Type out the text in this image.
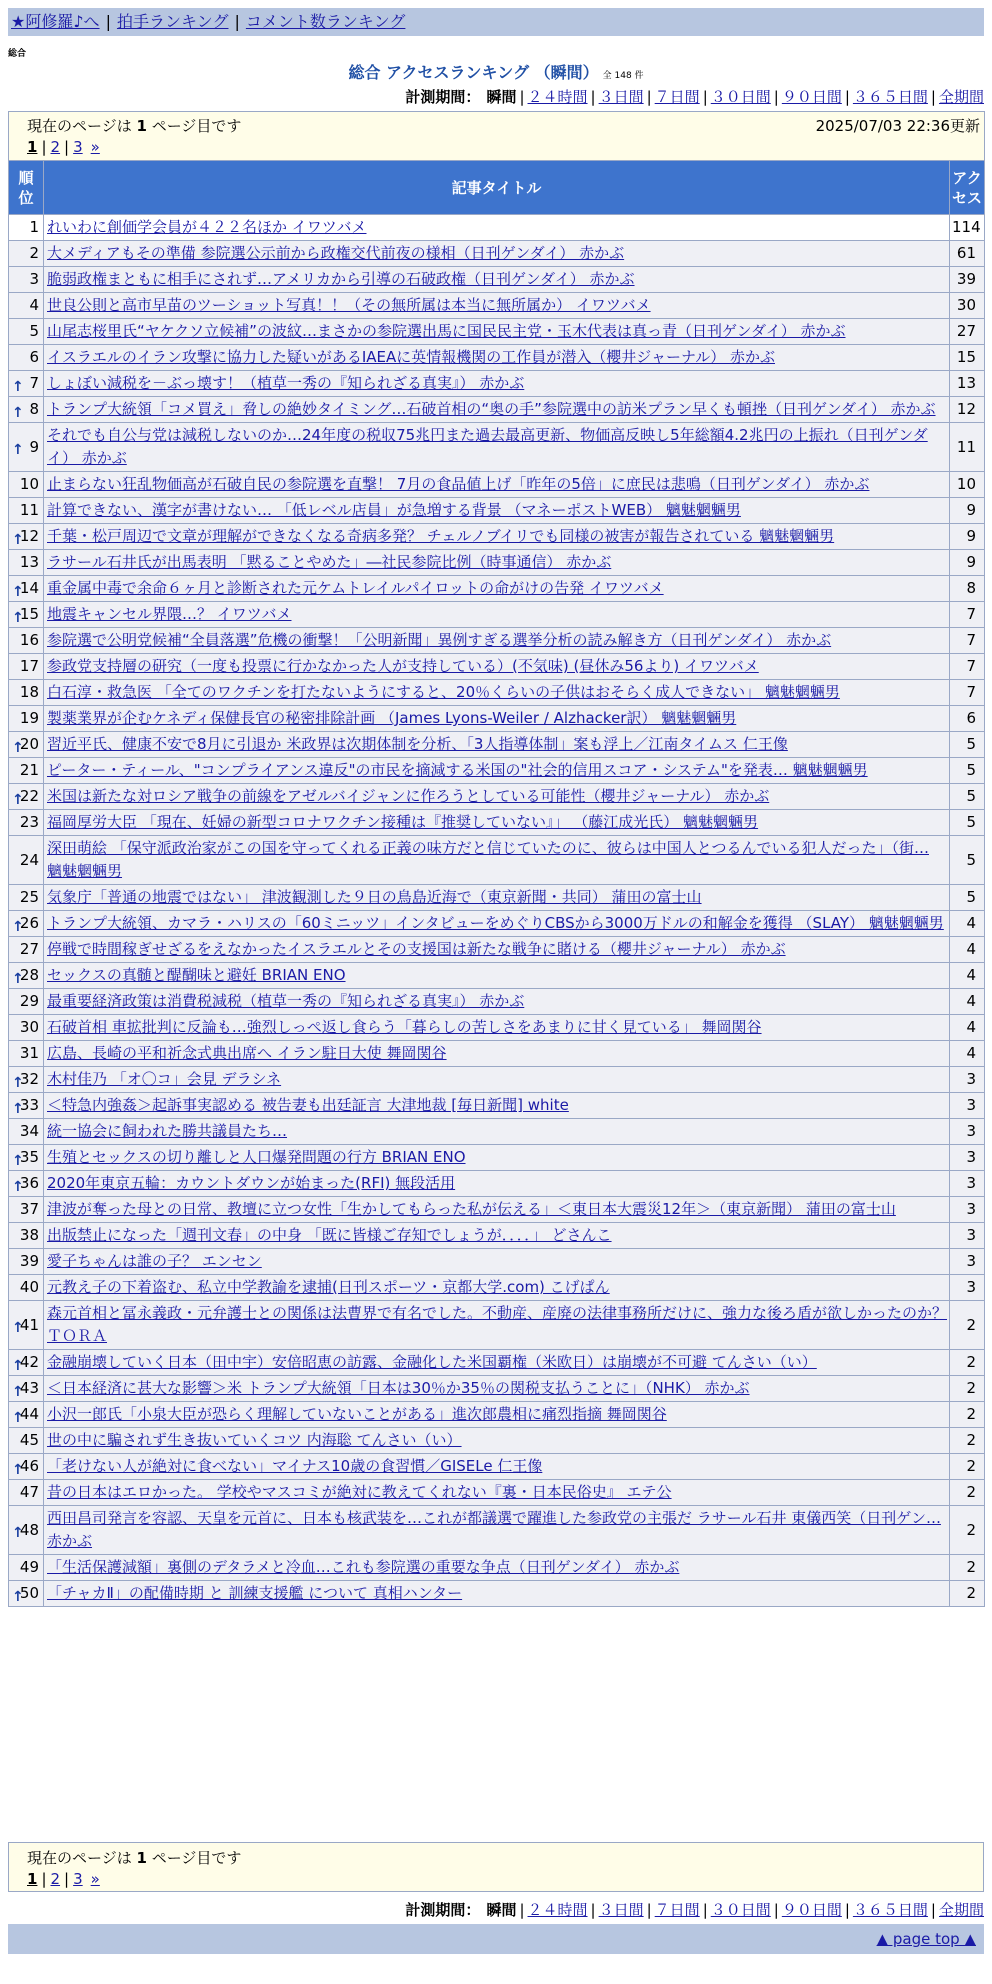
★阿修羅♪へ | 拍手ランキング | コメント数ランキング
総合
総合 アクセスランキング （瞬間） 全 148 件
計測期間： 瞬間 | ２４時間 | ３日間 | ７日間 | ３０日間 | ９０日間 | ３６５日間 | 全期間
現在のページは 1 ページ目です 2025/07/03 22:36更新
1 | 2 | 3 »		

順位	記事タイトル	アクセス
1	れいわに創価学会員が４２２名ほか イワツバメ	114
2	大メディアもその準備 参院選公示前から政権交代前夜の様相（日刊ゲンダイ） 赤かぶ	61
3	脆弱政権まともに相手にされず…アメリカから引導の石破政権（日刊ゲンダイ） 赤かぶ	39
4	世良公則と高市早苗のツーショット写真！！（その無所属は本当に無所属か） イワツバメ	30
5	山尾志桜里氏“ヤケクソ立候補”の波紋…まさかの参院選出馬に国民民主党・玉木代表は真っ青（日刊ゲンダイ） 赤かぶ	27
6	イスラエルのイラン攻撃に協力した疑いがあるIAEAに英情報機関の工作員が潜入（櫻井ジャーナル） 赤かぶ	15

↑ 7	しょぼい減税を－ぶっ壊す！（植草一秀の『知られざる真実』） 赤かぶ	13

↑ 8	トランプ大統領「コメ買え」脅しの絶妙タイミング…石破首相の“奥の手”参院選中の訪米プラン早くも頓挫（日刊ゲンダイ） 赤かぶ	12

↑ 9	それでも自公与党は減税しないのか…24年度の税収75兆円また過去最高更新、物価高反映し5年総額4.2兆円の上振れ（日刊ゲンダイ） 赤かぶ	11
10	止まらない狂乱物価高が石破自民の参院選を直撃！ 7月の食品値上げ「昨年の5倍」に庶民は悲鳴（日刊ゲンダイ） 赤かぶ	10
11	計算できない、漢字が書けない… 「低レベル店員」が急増する背景 （マネーポストWEB） 魑魅魍魎男	9

↑
12	千葉・松戸周辺で文章が理解ができなくなる奇病多発？ チェルノブイリでも同様の被害が報告されている 魑魅魍魎男	9
13	ラサール石井氏が出馬表明 「黙ることやめた」―社民参院比例（時事通信） 赤かぶ	9

↑
14	重金属中毒で余命６ヶ月と診断された元ケムトレイルパイロットの命がけの告発 イワツバメ	8

↑
15	地震キャンセル界隈…？ イワツバメ	7
16	参院選で公明党候補“全員落選”危機の衝撃！「公明新聞」異例すぎる選挙分析の読み解き方（日刊ゲンダイ） 赤かぶ	7
17	参政党支持層の研究（一度も投票に行かなかった人が支持している）(不気味) (昼休み56より) イワツバメ	7
18	白石淳・救急医 「全てのワクチンを打たないようにすると、20％くらいの子供はおそらく成人できない」 魑魅魍魎男	7
19	製薬業界が企むケネディ保健長官の秘密排除計画 （James Lyons-Weiler / Alzhacker訳） 魑魅魍魎男	6

↑
20	習近平氏、健康不安で8月に引退か 米政界は次期体制を分析、「3人指導体制」案も浮上／江南タイムス 仁王像	5
21	ピーター・ティール、"コンプライアンス違反"の市民を摘減する米国の"社会的信用スコア・システム"を発表… 魑魅魍魎男	5

↑
22	米国は新たな対ロシア戦争の前線をアゼルバイジャンに作ろうとしている可能性（櫻井ジャーナル） 赤かぶ	5
23	福岡厚労大臣 「現在、妊婦の新型コロナワクチン接種は『推奨していない』」 （藤江成光氏） 魑魅魍魎男	5
24	深田萌絵 「保守派政治家がこの国を守ってくれる正義の味方だと信じていたのに、彼らは中国人とつるんでいる犯人だった」（街… 魑魅魍魎男	5
25	気象庁「普通の地震ではない」 津波観測した９日の鳥島近海で（東京新聞・共同） 蒲田の富士山	5

↑
26	トランプ大統領、カマラ・ハリスの「60ミニッツ」インタビューをめぐりCBSから3000万ドルの和解金を獲得 （SLAY） 魑魅魍魎男	4
27	停戦で時間稼ぎせざるをえなかったイスラエルとその支援国は新たな戦争に賭ける（櫻井ジャーナル） 赤かぶ	4

↑
28	セックスの真髄と醍醐味と避妊 BRIAN ENO	4
29	最重要経済政策は消費税減税（植草一秀の『知られざる真実』） 赤かぶ	4
30	石破首相 車拡批判に反論も…強烈しっぺ返し食らう「暮らしの苦しさをあまりに甘く見ている」 舞岡関谷	4
31	広島、長崎の平和祈念式典出席へ イラン駐日大使 舞岡関谷	4

↑
32	木村佳乃 「オ〇コ」会見 デラシネ	3

↑
33	＜特急内強姦＞起訴事実認める 被告妻も出廷証言 大津地裁 [毎日新聞] white	3
34	統一協会に飼われた勝共議員たち…	3

↑
35	生殖とセックスの切り離しと人口爆発問題の行方 BRIAN ENO	3

↑
36	2020年東京五輪：カウントダウンが始まった(RFI) 無段活用	3
37	津波が奪った母との日常、教壇に立つ女性「生かしてもらった私が伝える」＜東日本大震災12年＞（東京新聞） 蒲田の富士山	3
38	出版禁止になった「週刊文春」の中身 「既に皆様ご存知でしょうが．．．．」 どさんこ	3
39	愛子ちゃんは誰の子？ エンセン	3
40	元教え子の下着盗む、私立中学教諭を逮捕(日刊スポーツ・京都大学.com) こげぱん	3

↑
41	森元首相と冨永義政・元弁護士との関係は法曹界で有名でした。不動産、産廃の法律事務所だけに、強力な後ろ盾が欲しかったのか？ ＴＯＲＡ	2

↑
42	金融崩壊していく日本（田中宇）安倍昭恵の訪露、金融化した米国覇権（米欧日）は崩壊が不可避 てんさい（い）	2

↑
43	＜日本経済に甚大な影響＞米 トランプ大統領「日本は30％か35％の関税支払うことに」（NHK） 赤かぶ	2

↑
44	小沢一郎氏「小泉大臣が恐らく理解していないことがある」進次郎農相に痛烈指摘 舞岡関谷	2
45	世の中に騙されず生き抜いていくコツ 内海聡 てんさい（い）	2

↑
46	「老けない人が絶対に食べない」マイナス10歳の食習慣／GISELe 仁王像	2
47	昔の日本はエロかった。 学校やマスコミが絶対に教えてくれない『裏・日本民俗史』 エテ公	2

↑
48	西田昌司発言を容認、天皇を元首に、日本も核武装を…これが都議選で躍進した参政党の主張だ ラサール石井 東儀西笑（日刊ゲン… 赤かぶ	2
49	「生活保護減額」裏側のデタラメと冷血…これも参院選の重要な争点（日刊ゲンダイ） 赤かぶ	2

↑
50	「チャカⅡ」の配備時期 と 訓練支援艦 について 真相ハンター	2
現在のページは 1 ページ目です
1 | 2 | 3 »
計測期間： 瞬間 | ２４時間 | ３日間 | ７日間 | ３０日間 | ９０日間 | ３６５日間 | 全期間
▲ page top ▲
